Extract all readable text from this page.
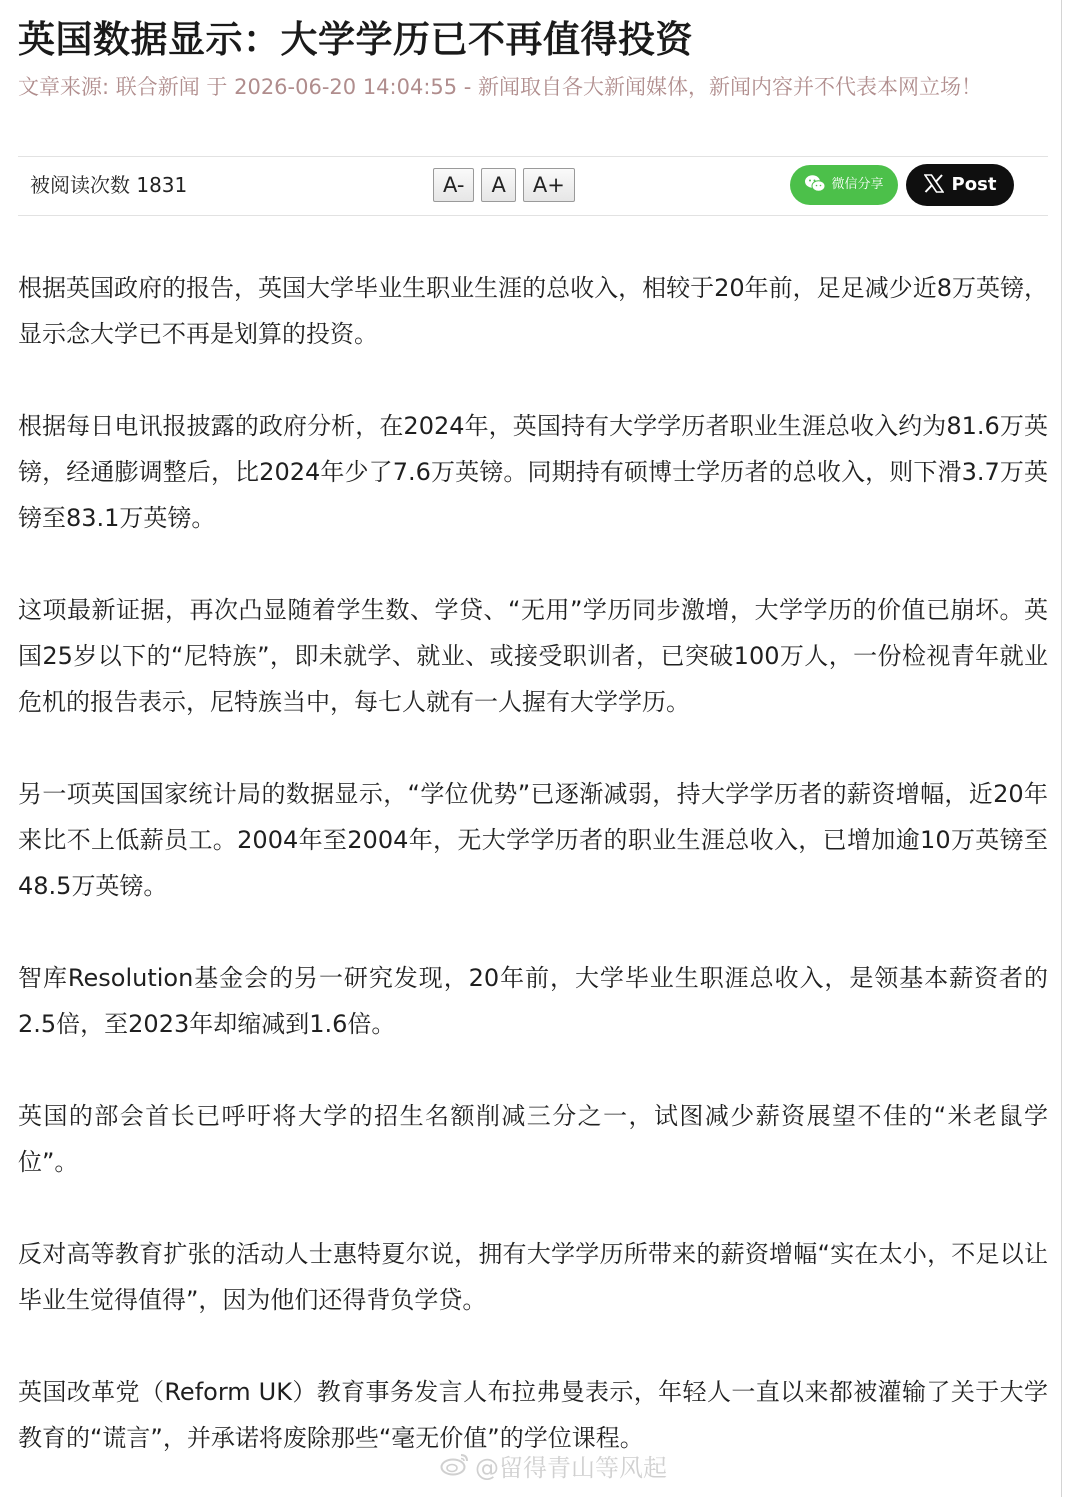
英国数据显示：大学学历已不再值得投资
文章来源: 联合新闻 于 2026-06-20 14:04:55 - 新闻取自各大新闻媒体，新闻内容并不代表本网立场！
被阅读次数 1831	A-	A	A+	微信分享	Post

根据英国政府的报告，英国大学毕业生职业生涯的总收入，相较于20年前，足足减少近8万英镑，显示念大学已不再是划算的投资。

根据每日电讯报披露的政府分析，在2024年，英国持有大学学历者职业生涯总收入约为81.6万英镑，经通膨调整后，比2024年少了7.6万英镑。同期持有硕博士学历者的总收入，则下滑3.7万英镑至83.1万英镑。

这项最新证据，再次凸显随着学生数、学贷、“无用”学历同步激增，大学学历的价值已崩坏。英国25岁以下的“尼特族”，即未就学、就业、或接受职训者，已突破100万人，一份检视青年就业危机的报告表示，尼特族当中，每七人就有一人握有大学学历。

另一项英国国家统计局的数据显示，“学位优势”已逐渐减弱，持大学学历者的薪资增幅，近20年来比不上低薪员工。2004年至2004年，无大学学历者的职业生涯总收入，已增加逾10万英镑至48.5万英镑。

智库Resolution基金会的另一研究发现，20年前，大学毕业生职涯总收入，是领基本薪资者的2.5倍，至2023年却缩减到1.6倍。

英国的部会首长已呼吁将大学的招生名额削减三分之一，试图减少薪资展望不佳的“米老鼠学位”。

反对高等教育扩张的活动人士惠特夏尔说，拥有大学学历所带来的薪资增幅“实在太小，不足以让毕业生觉得值得”，因为他们还得背负学贷。

英国改革党（Reform UK）教育事务发言人布拉弗曼表示，年轻人一直以来都被灌输了关于大学教育的“谎言”，并承诺将废除那些“毫无价值”的学位课程。

@留得青山等风起
